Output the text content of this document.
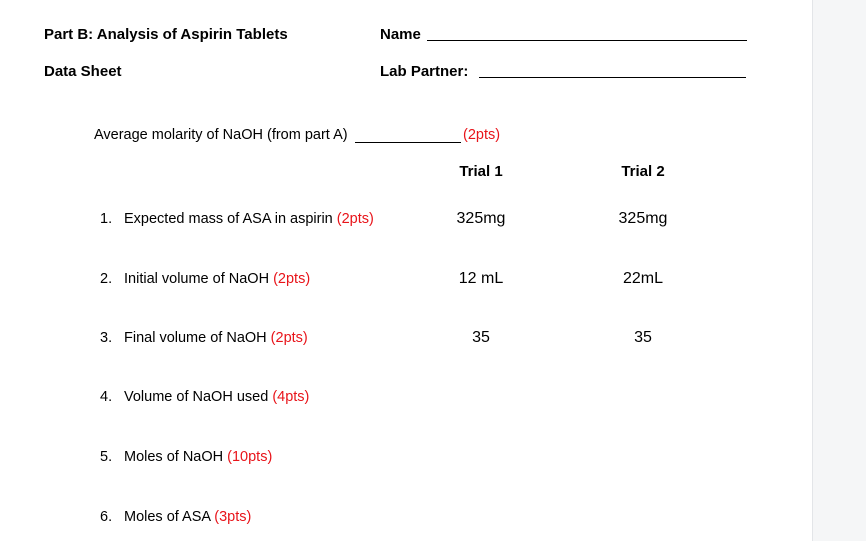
Part B: Analysis of Aspirin Tablets
Data Sheet
Name
Lab Partner:
Average molarity of NaOH (from part A)	(2pts)
Trial 1	Trial 2
1. Expected mass of ASA in aspirin (2pts)	325mg	325mg
2. Initial volume of NaOH (2pts)	12 mL	22mL
3. Final volume of NaOH (2pts)	35	35
4. Volume of NaOH used (4pts)
5. Moles of NaOH (10pts)
6. Moles of ASA (3pts)
